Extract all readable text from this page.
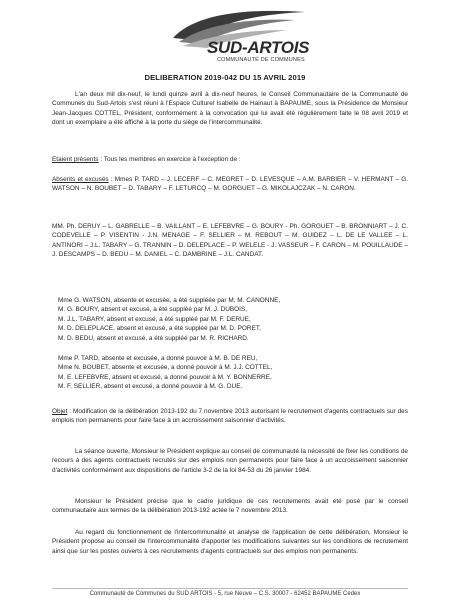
SUD-ARTOIS
COMMUNAUTÉ DE COMMUNES
DELIBERATION 2019-042 DU 15 AVRIL 2019
L'an deux mil dix-neuf, le lundi quinze avril à dix-neuf heures, le Conseil Communautaire de la Communauté de Communes du Sud-Artois s'est réuni à l'Espace Culturel Isabelle de Hainaut à BAPAUME, sous la Présidence de Monsieur Jean-Jacques COTTEL, Président, conformément à la convocation qui lui avait été régulièrement faite le 08 avril 2019 et dont un exemplaire a été affiché à la porte du siège de l'intercommunalité.
Etaient présents : Tous les membres en exercice à l'exception de :
Absents et excusés : Mmes P. TARD – J. LECERF – C. MEGRET – D. LEVESQUE – A.M. BARBIER – V. HERMANT – G. WATSON – N. BOUBET – D. TABARY – F. LETURCQ – M. GORGUET – G. MIKOLAJCZAK – N. CARON.
MM. Ph. DERUY – L. GABRELLE – B. VAILLANT – E. LEFEBVRE – G. BOURY - Ph. GORGUET – B. BRONNIART – J. C. CODEVELLE – P. VISENTIN - J.N. MENAGE – F. SELLIER – M. REBOUT – M. GUIDEZ – L. DE LE VALLEE – L. ANTINORI – J.L. TABARY – G. TRANNIN – D. DELEPLACE – P. WELELE - J. VASSEUR – F. CARON – M. POUILLAUDE – J. DESCAMPS – D. BEDU – M. DANIEL – C. DAMBRINE – J.L. CANDAT.
Mme G. WATSON, absente et excusée, a été suppléée par M. M. CANONNE,
M. G. BOURY, absent et excusé, a été suppléé par M. J. DUBOIS,
M. J.L. TABARY, absent et excusé, a été suppléé par M. F. DERUE,
M. D. DELEPLACE, absent et excusé, a été suppléé par M. D. PORET,
M. D. BEDU, absent et excusé, a été suppléé par M. R. RICHARD.
Mme P. TARD, absente et excusée, a donné pouvoir à M. B. DE REU,
Mme N. BOUBET, absente et excusée, a donné pouvoir à M. J.J. COTTEL,
M. E. LEFEBVRE, absent et excusé, a donné pouvoir à M. Y. BONNERRE,
M. F. SELLIER, absent et excusé, a donné pouvoir à M. G. DUE.
Objet : Modification de la délibération 2013-192 du 7 novembre 2013 autorisant le recrutement d'agents contractuels sur des emplois non permanents pour faire face à un accroissement saisonnier d'activités.
La séance ouverte, Monsieur le Président explique au conseil de communauté la nécessité de fixer les conditions de recours à des agents contractuels recrutés sur des emplois non permanents pour faire face à un accroissement saisonnier d'activités conformément aux dispositions de l'article 3-2 de la loi 84-53 du 26 janvier 1984.
Monsieur le Président précise que le cadre juridique de ces recrutements avait été posé par le conseil communautaire aux termes de la délibération 2013-192 actée le 7 novembre 2013.
Au regard du fonctionnement de l'intercommunalité et analyse de l'application de cette délibération, Monsieur le Président propose au conseil de l'intercommunalité d'apporter les modifications suivantes sur les conditions de recrutement ainsi que sur les postes ouverts à ces recrutements d'agents contractuels sur des emplois non permanents.
Communauté de Communes du SUD ARTOIS - 5, rue Neuve – C.S. 30007 - 62452 BAPAUME Cedex
